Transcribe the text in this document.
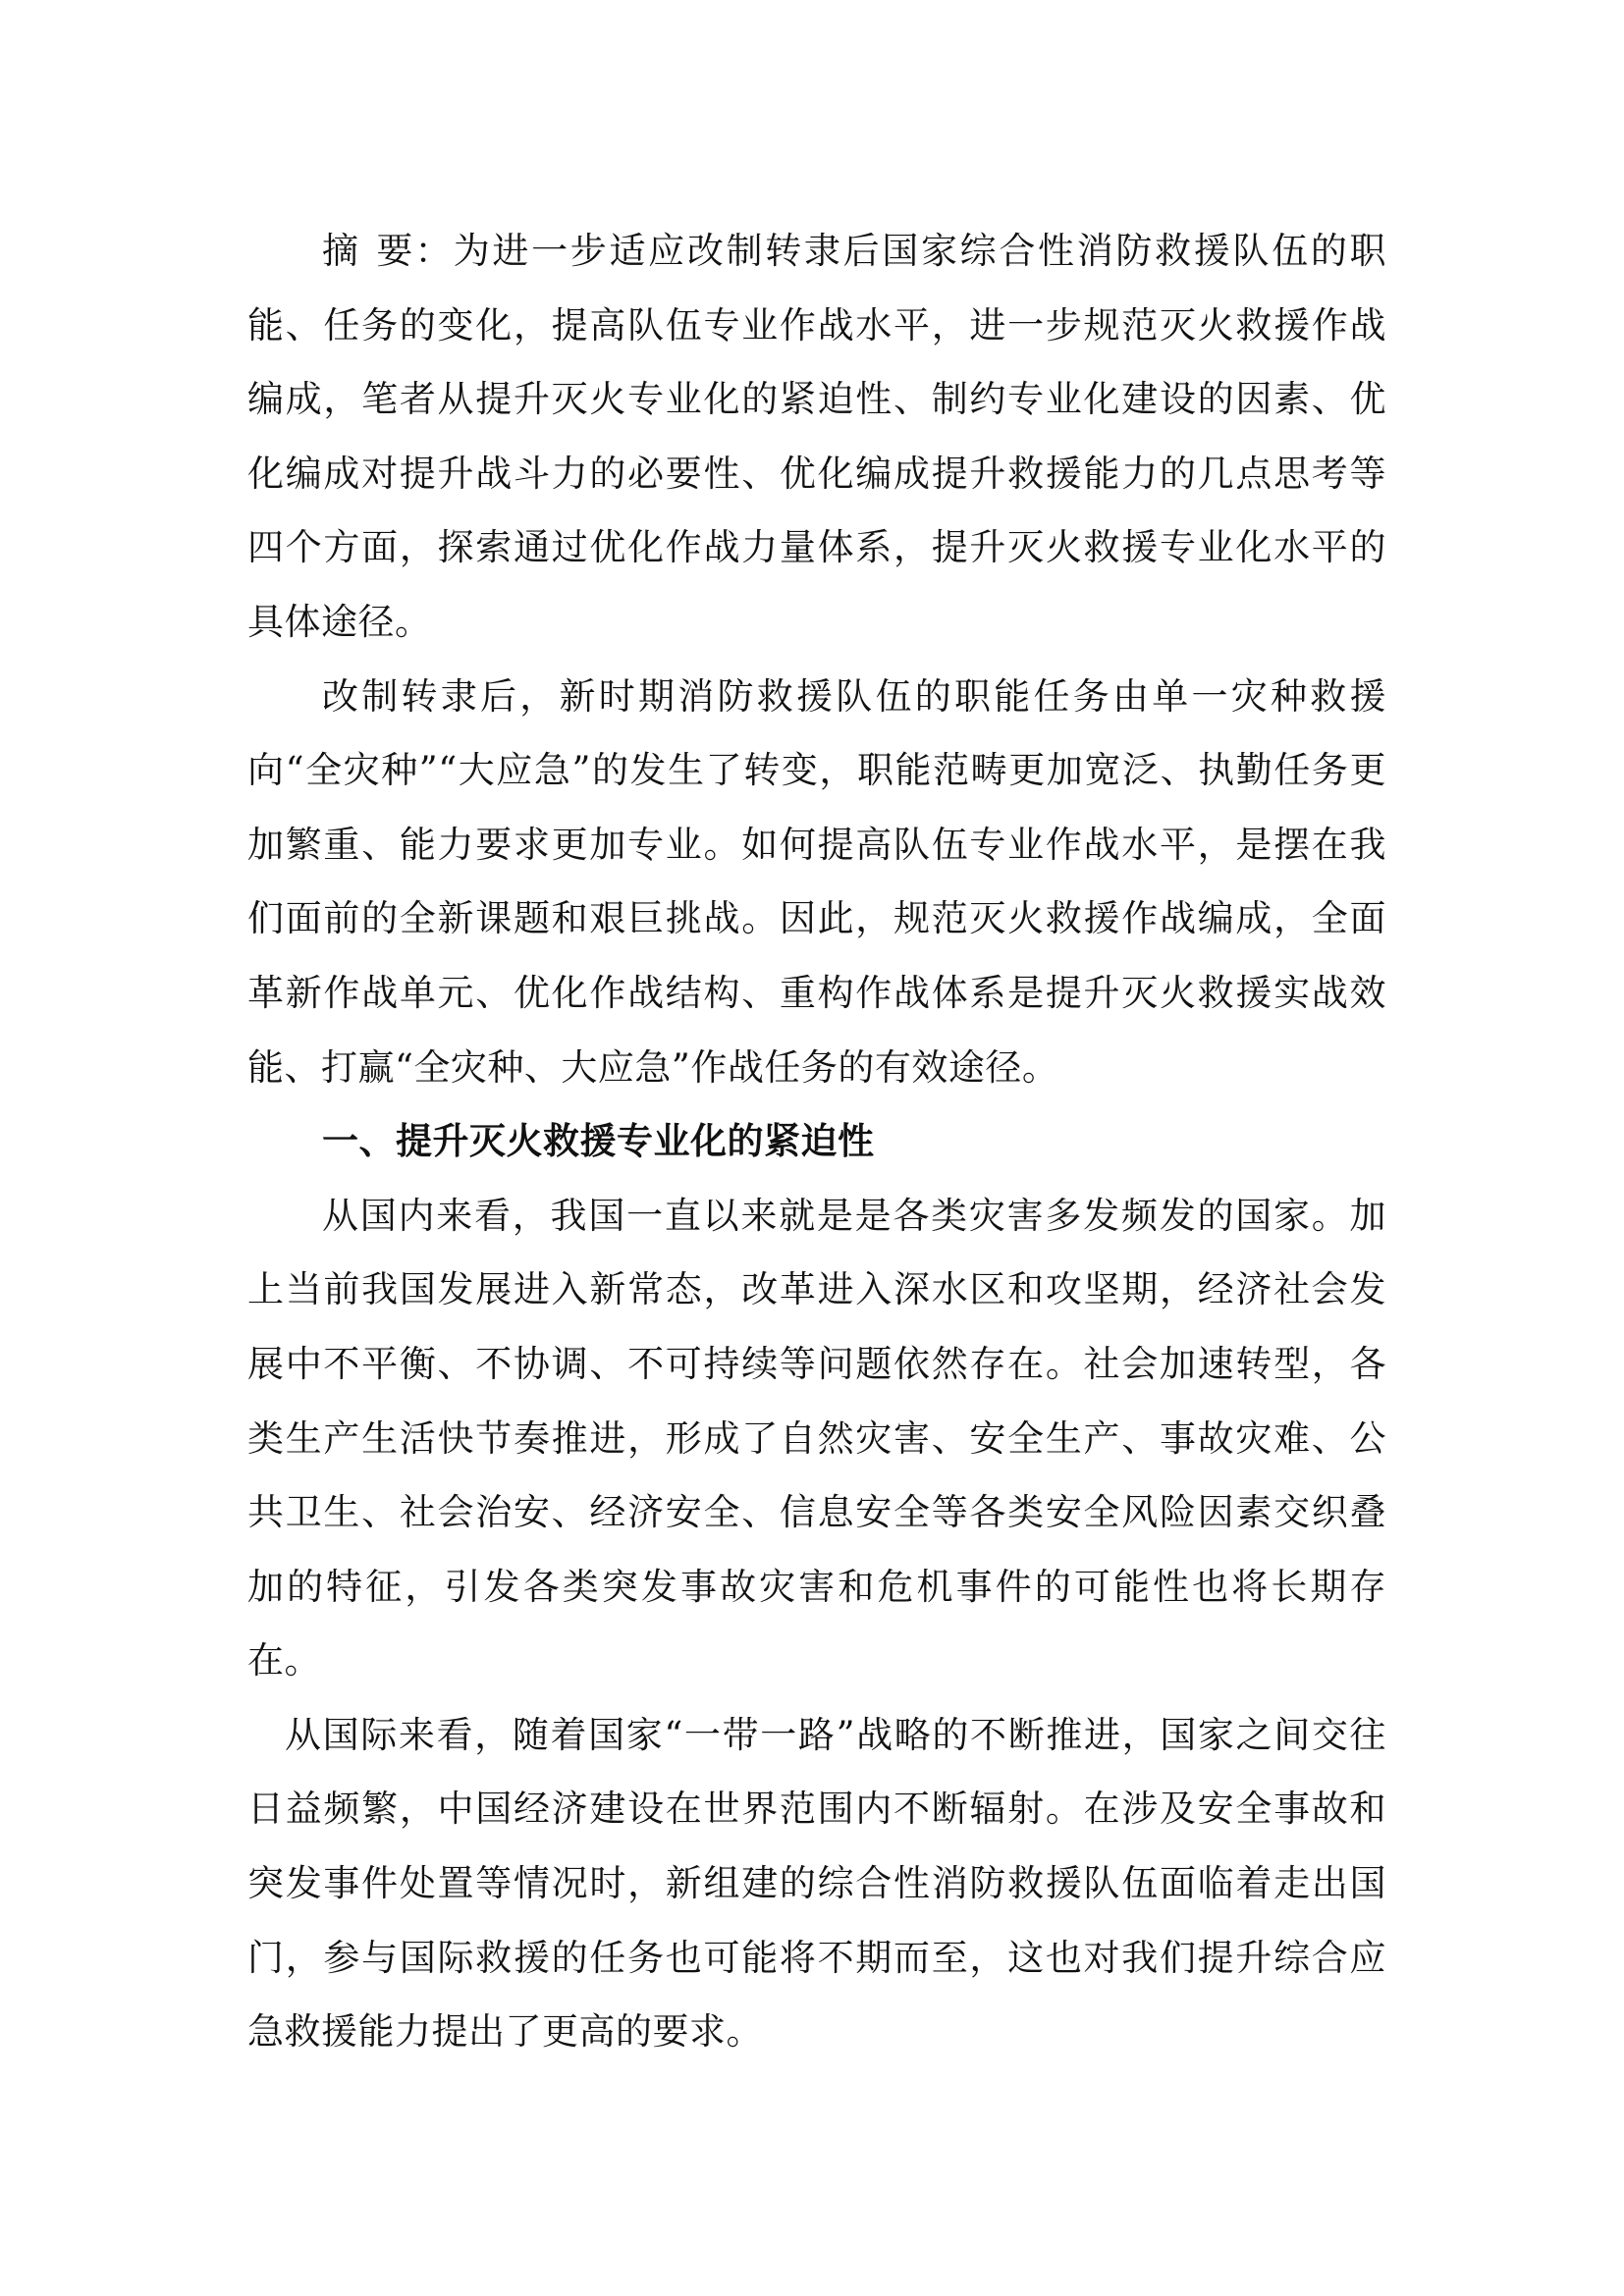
摘 要：为进一步适应改制转隶后国家综合性消防救援队伍的职能、任务的变化，提高队伍专业作战水平，进一步规范灭火救援作战编成，笔者从提升灭火专业化的紧迫性、制约专业化建设的因素、优化编成对提升战斗力的必要性、优化编成提升救援能力的几点思考等四个方面，探索通过优化作战力量体系，提升灭火救援专业化水平的具体途径。

改制转隶后，新时期消防救援队伍的职能任务由单一灾种救援向“全灾种”“大应急”的发生了转变，职能范畴更加宽泛、执勤任务更加繁重、能力要求更加专业。如何提高队伍专业作战水平，是摆在我们面前的全新课题和艰巨挑战。因此，规范灭火救援作战编成，全面革新作战单元、优化作战结构、重构作战体系是提升灭火救援实战效能、打赢“全灾种、大应急”作战任务的有效途径。

一、提升灭火救援专业化的紧迫性

从国内来看，我国一直以来就是是各类灾害多发频发的国家。加上当前我国发展进入新常态，改革进入深水区和攻坚期，经济社会发展中不平衡、不协调、不可持续等问题依然存在。社会加速转型，各类生产生活快节奏推进，形成了自然灾害、安全生产、事故灾难、公共卫生、社会治安、经济安全、信息安全等各类安全风险因素交织叠加的特征，引发各类突发事故灾害和危机事件的可能性也将长期存在。

从国际来看，随着国家“一带一路”战略的不断推进，国家之间交往日益频繁，中国经济建设在世界范围内不断辐射。在涉及安全事故和突发事件处置等情况时，新组建的综合性消防救援队伍面临着走出国门，参与国际救援的任务也可能将不期而至，这也对我们提升综合应急救援能力提出了更高的要求。
